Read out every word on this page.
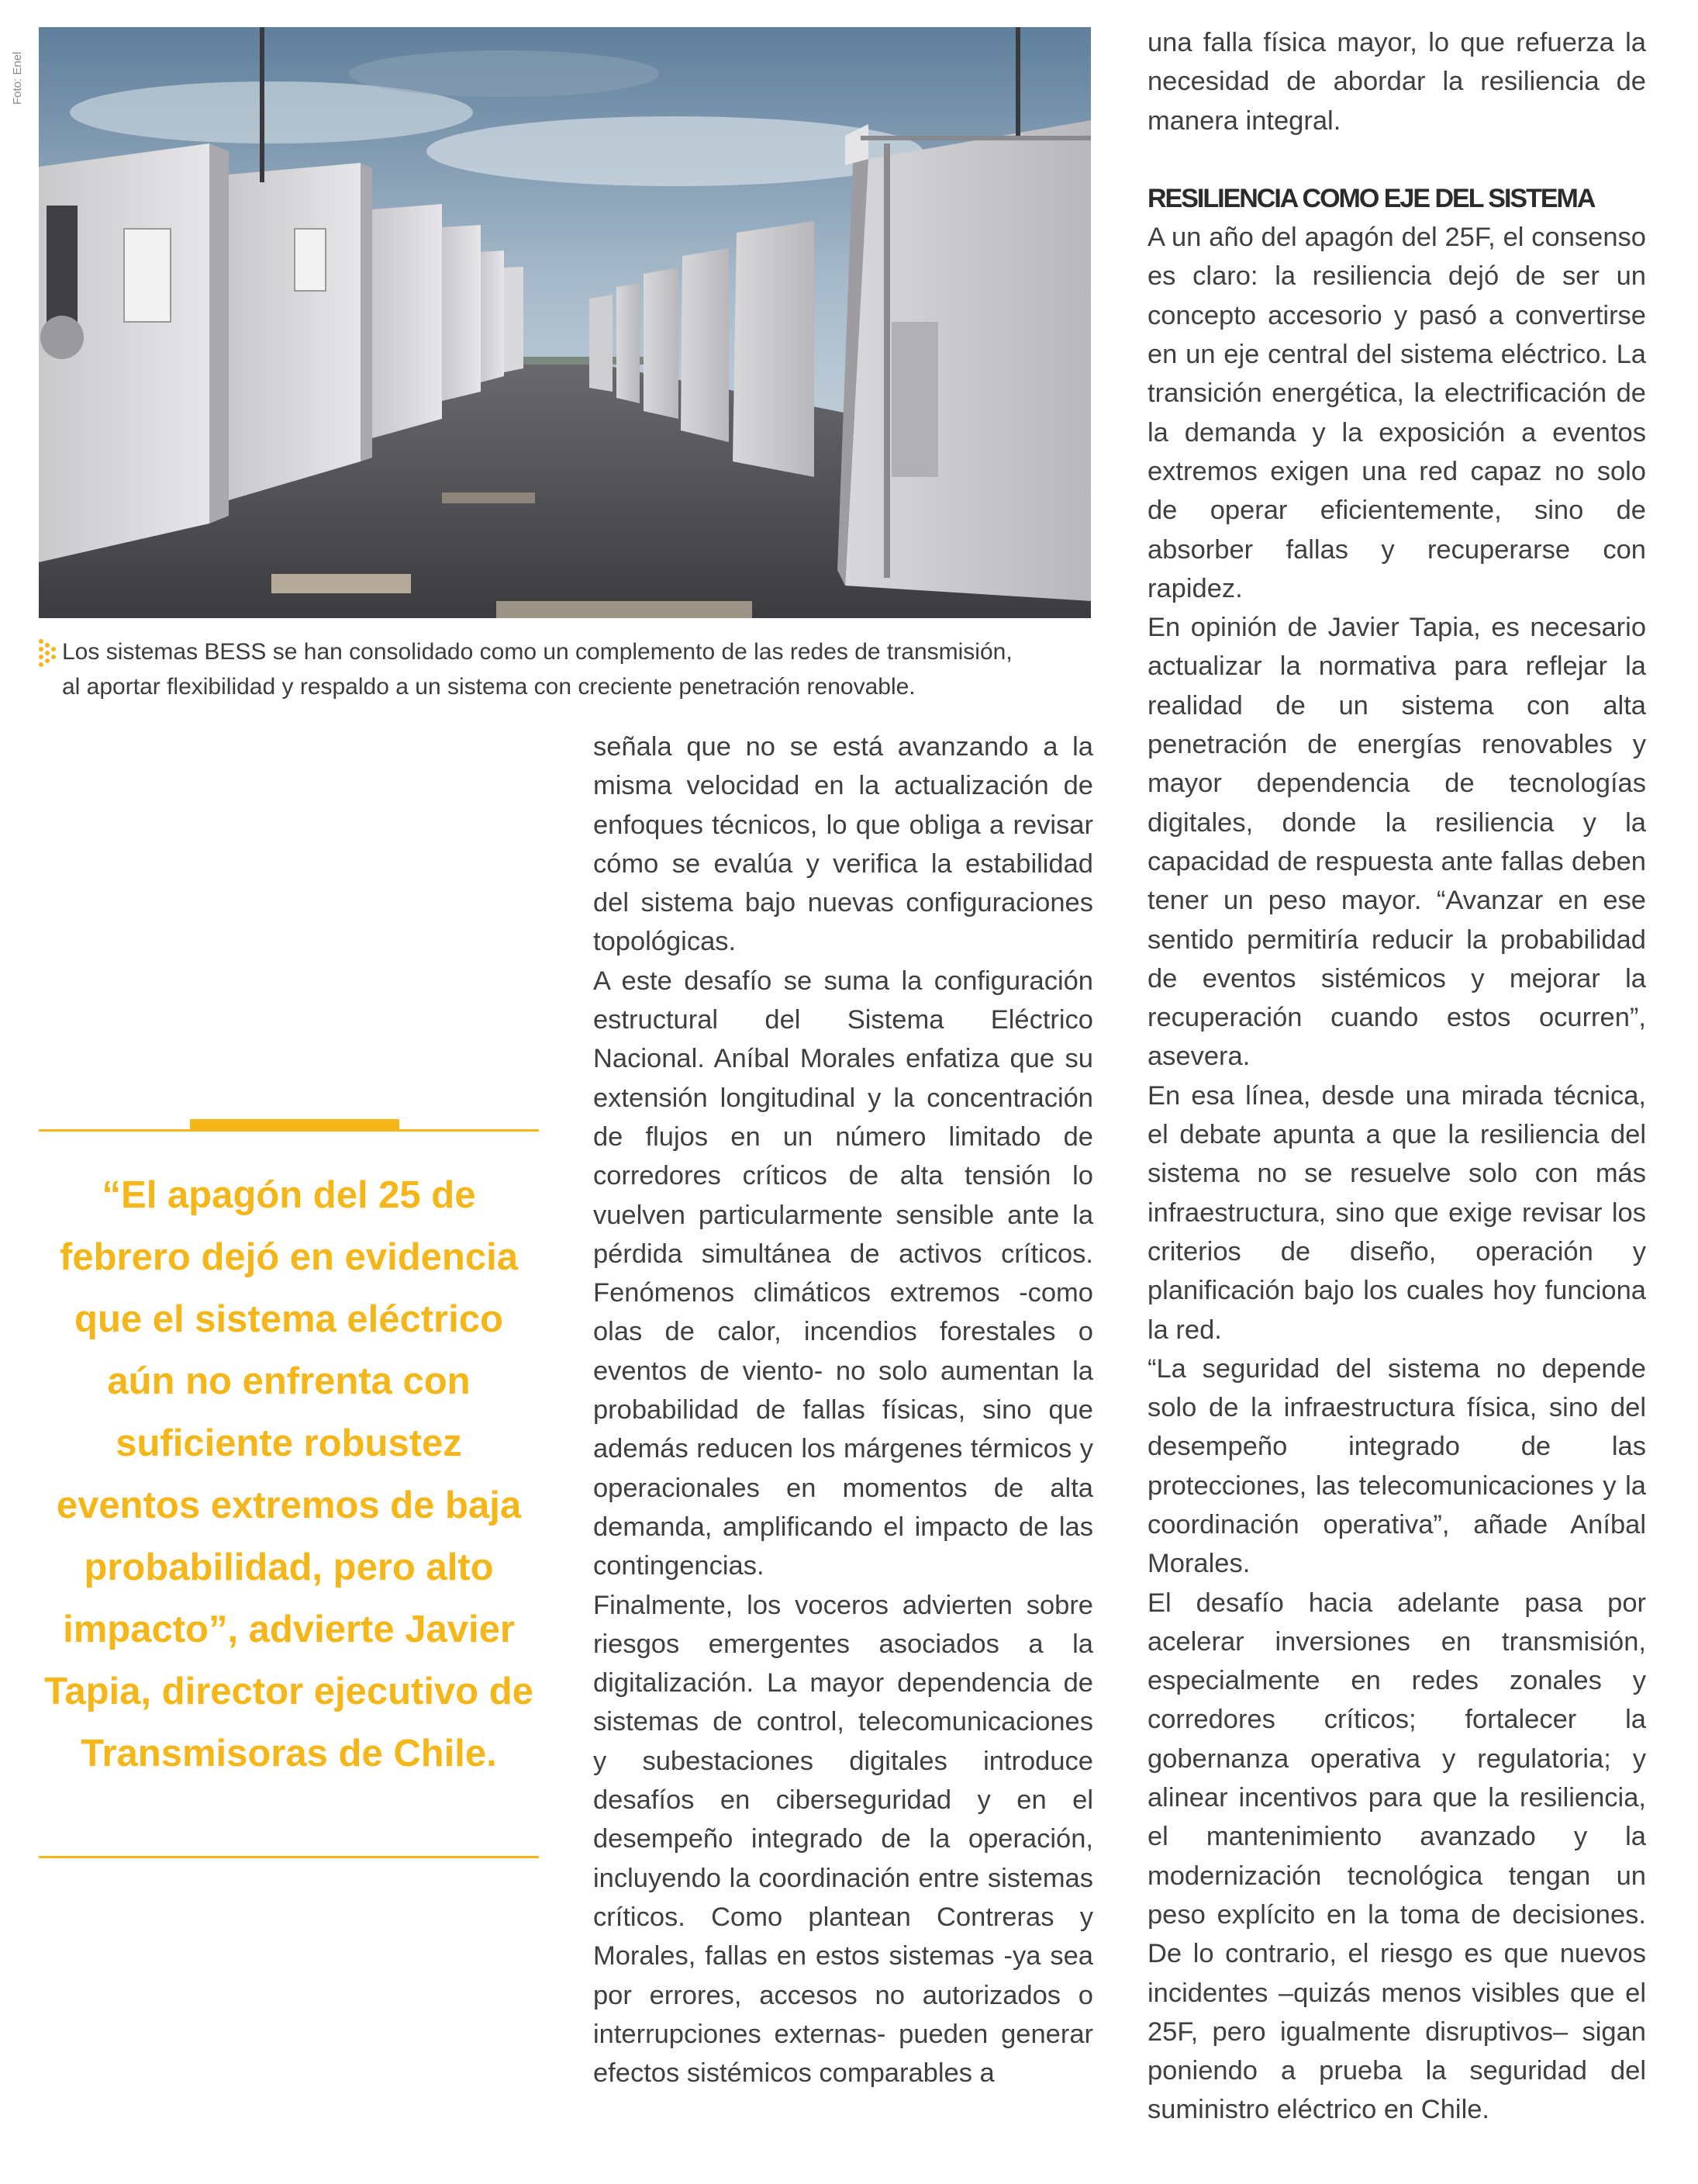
Foto: Enel

Los sistemas BESS se han consolidado como un complemento de las redes de transmisión,

al aportar flexibilidad y respaldo a un sistema con creciente penetración renovable.

“El apagón del 25 de febrero dejó en evidencia que el sistema eléctrico aún no enfrenta con suficiente robustez eventos extremos de baja probabilidad, pero alto impacto”, advierte Javier Tapia, director ejecutivo de Transmisoras de Chile.

señala que no se está avanzando a la misma velocidad en la actualización de enfoques técnicos, lo que obliga a revisar cómo se evalúa y verifica la estabilidad del sistema bajo nuevas configuraciones topológicas.

A este desafío se suma la configuración estructural del Sistema Eléctrico Nacional. Aníbal Morales enfatiza que su extensión longitudinal y la concentración de flujos en un número limitado de corredores críticos de alta tensión lo vuelven particularmente sensible ante la pérdida simultánea de activos críticos. Fenómenos climáticos extremos -como olas de calor, incendios forestales o eventos de viento- no solo aumentan la probabilidad de fallas físicas, sino que además reducen los márgenes térmicos y operacionales en momentos de alta demanda, amplificando el impacto de las contingencias.

Finalmente, los voceros advierten sobre riesgos emergentes asociados a la digitalización. La mayor dependencia de sistemas de control, telecomunicaciones y subestaciones digitales introduce desafíos en ciberseguridad y en el desempeño integrado de la operación, incluyendo la coordinación entre sistemas críticos. Como plantean Contreras y Morales, fallas en estos sistemas -ya sea por errores, accesos no autorizados o interrupciones externas- pueden generar efectos sistémicos comparables a

una falla física mayor, lo que refuerza la necesidad de abordar la resiliencia de manera integral.

RESILIENCIA COMO EJE DEL SISTEMA

A un año del apagón del 25F, el consenso es claro: la resiliencia dejó de ser un concepto accesorio y pasó a convertirse en un eje central del sistema eléctrico. La transición energética, la electrificación de la demanda y la exposición a eventos extremos exigen una red capaz no solo de operar eficientemente, sino de absorber fallas y recuperarse con rapidez.

En opinión de Javier Tapia, es necesario actualizar la normativa para reflejar la realidad de un sistema con alta penetración de energías renovables y mayor dependencia de tecnologías digitales, donde la resiliencia y la capacidad de respuesta ante fallas deben tener un peso mayor. “Avanzar en ese sentido permitiría reducir la probabilidad de eventos sistémicos y mejorar la recuperación cuando estos ocurren”, asevera.

En esa línea, desde una mirada técnica, el debate apunta a que la resiliencia del sistema no se resuelve solo con más infraestructura, sino que exige revisar los criterios de diseño, operación y planificación bajo los cuales hoy funciona la red.

“La seguridad del sistema no depende solo de la infraestructura física, sino del desempeño integrado de las protecciones, las telecomunicaciones y la coordinación operativa”, añade Aníbal Morales.

El desafío hacia adelante pasa por acelerar inversiones en transmisión, especialmente en redes zonales y corredores críticos; fortalecer la gobernanza operativa y regulatoria; y alinear incentivos para que la resiliencia, el mantenimiento avanzado y la modernización tecnológica tengan un peso explícito en la toma de decisiones. De lo contrario, el riesgo es que nuevos incidentes –quizás menos visibles que el 25F, pero igualmente disruptivos– sigan poniendo a prueba la seguridad del suministro eléctrico en Chile.
